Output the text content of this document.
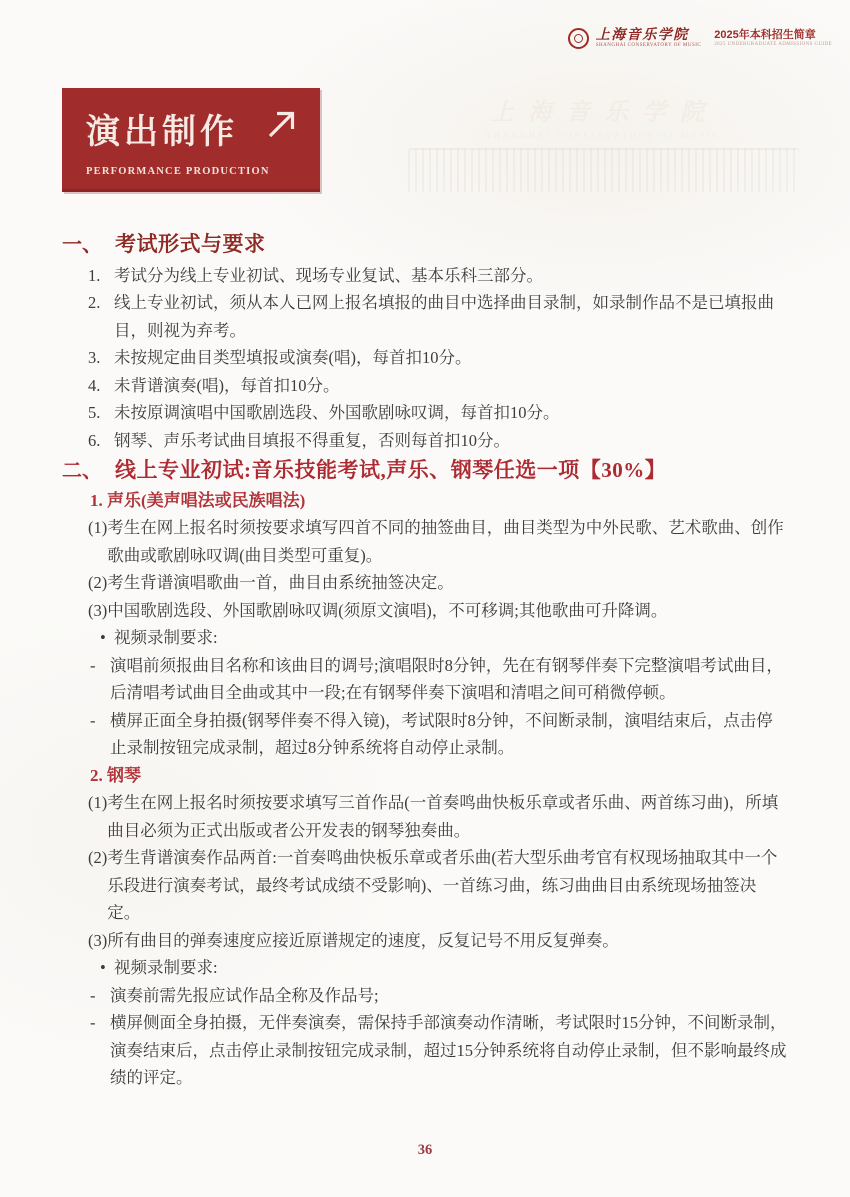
上海音乐学院
SHANGHAI CONSERVATORY OF MUSIC
2025年本科招生简章
2025 UNDERGRADUATE ADMISSIONS GUIDE
上海音乐学院
SHANGHAI CONSERVATORY OF MUSIC
演出制作
PERFORMANCE PRODUCTION
一、 考试形式与要求
1. 考试分为线上专业初试、现场专业复试、基本乐科三部分。
2. 线上专业初试，须从本人已网上报名填报的曲目中选择曲目录制，如录制作品不是已填报曲目，则视为弃考。
3. 未按规定曲目类型填报或演奏(唱)，每首扣10分。
4. 未背谱演奏(唱)，每首扣10分。
5. 未按原调演唱中国歌剧选段、外国歌剧咏叹调，每首扣10分。
6. 钢琴、声乐考试曲目填报不得重复，否则每首扣10分。
二、 线上专业初试:音乐技能考试,声乐、钢琴任选一项【30%】
1. 声乐(美声唱法或民族唱法)
(1) 考生在网上报名时须按要求填写四首不同的抽签曲目，曲目类型为中外民歌、艺术歌曲、创作歌曲或歌剧咏叹调(曲目类型可重复)。
(2) 考生背谱演唱歌曲一首，曲目由系统抽签决定。
(3) 中国歌剧选段、外国歌剧咏叹调(须原文演唱)，不可移调;其他歌曲可升降调。
• 视频录制要求:
- 演唱前须报曲目名称和该曲目的调号;演唱限时8分钟，先在有钢琴伴奏下完整演唱考试曲目，后清唱考试曲目全曲或其中一段;在有钢琴伴奏下演唱和清唱之间可稍微停顿。
- 横屏正面全身拍摄(钢琴伴奏不得入镜)，考试限时8分钟，不间断录制，演唱结束后，点击停止录制按钮完成录制，超过8分钟系统将自动停止录制。
2. 钢琴
(1) 考生在网上报名时须按要求填写三首作品(一首奏鸣曲快板乐章或者乐曲、两首练习曲)，所填曲目必须为正式出版或者公开发表的钢琴独奏曲。
(2) 考生背谱演奏作品两首:一首奏鸣曲快板乐章或者乐曲(若大型乐曲考官有权现场抽取其中一个乐段进行演奏考试，最终考试成绩不受影响)、一首练习曲，练习曲曲目由系统现场抽签决定。
(3) 所有曲目的弹奏速度应接近原谱规定的速度，反复记号不用反复弹奏。
• 视频录制要求:
- 演奏前需先报应试作品全称及作品号;
- 横屏侧面全身拍摄，无伴奏演奏，需保持手部演奏动作清晰，考试限时15分钟，不间断录制，演奏结束后，点击停止录制按钮完成录制，超过15分钟系统将自动停止录制，但不影响最终成绩的评定。
36
